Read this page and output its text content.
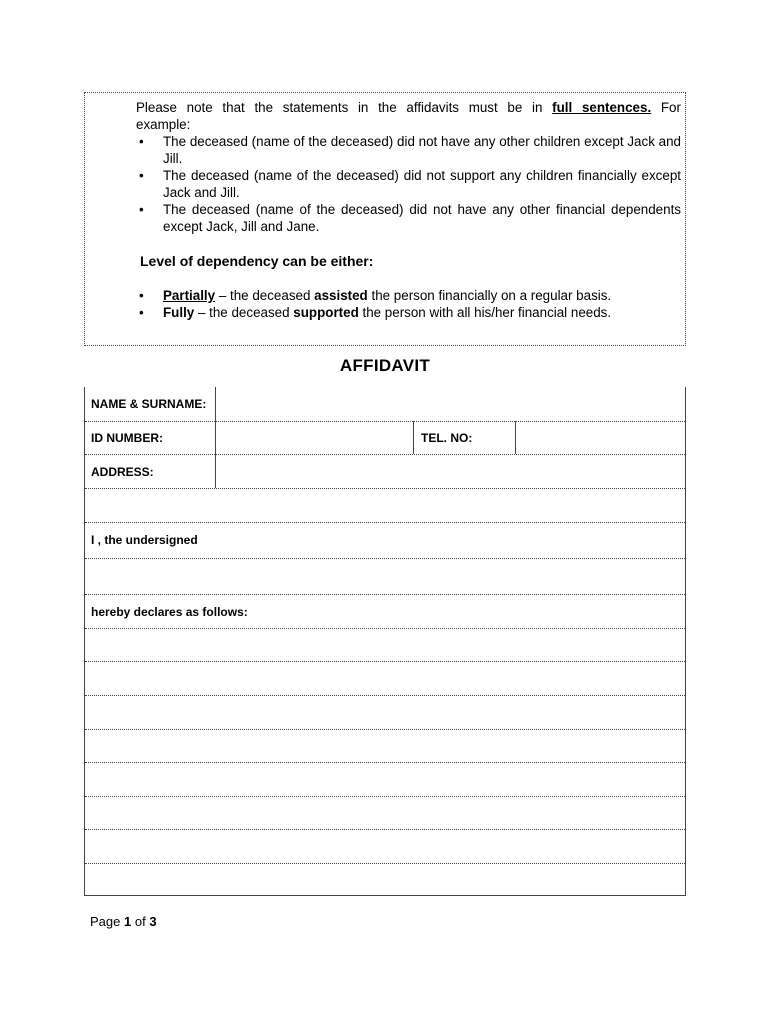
Please note that the statements in the affidavits must be in full sentences. For
example:
• The deceased (name of the deceased) did not have any other children except Jack and Jill.
• The deceased (name of the deceased) did not support any children financially except Jack and Jill.
• The deceased (name of the deceased) did not have any other financial dependents except Jack, Jill and Jane.
Level of dependency can be either:
• Partially – the deceased assisted the person financially on a regular basis.
• Fully – the deceased supported the person with all his/her financial needs.
AFFIDAVIT
NAME & SURNAME:
ID NUMBER:	TEL. NO:
ADDRESS:
I , the undersigned
hereby declares as follows:
Page 1 of 3
